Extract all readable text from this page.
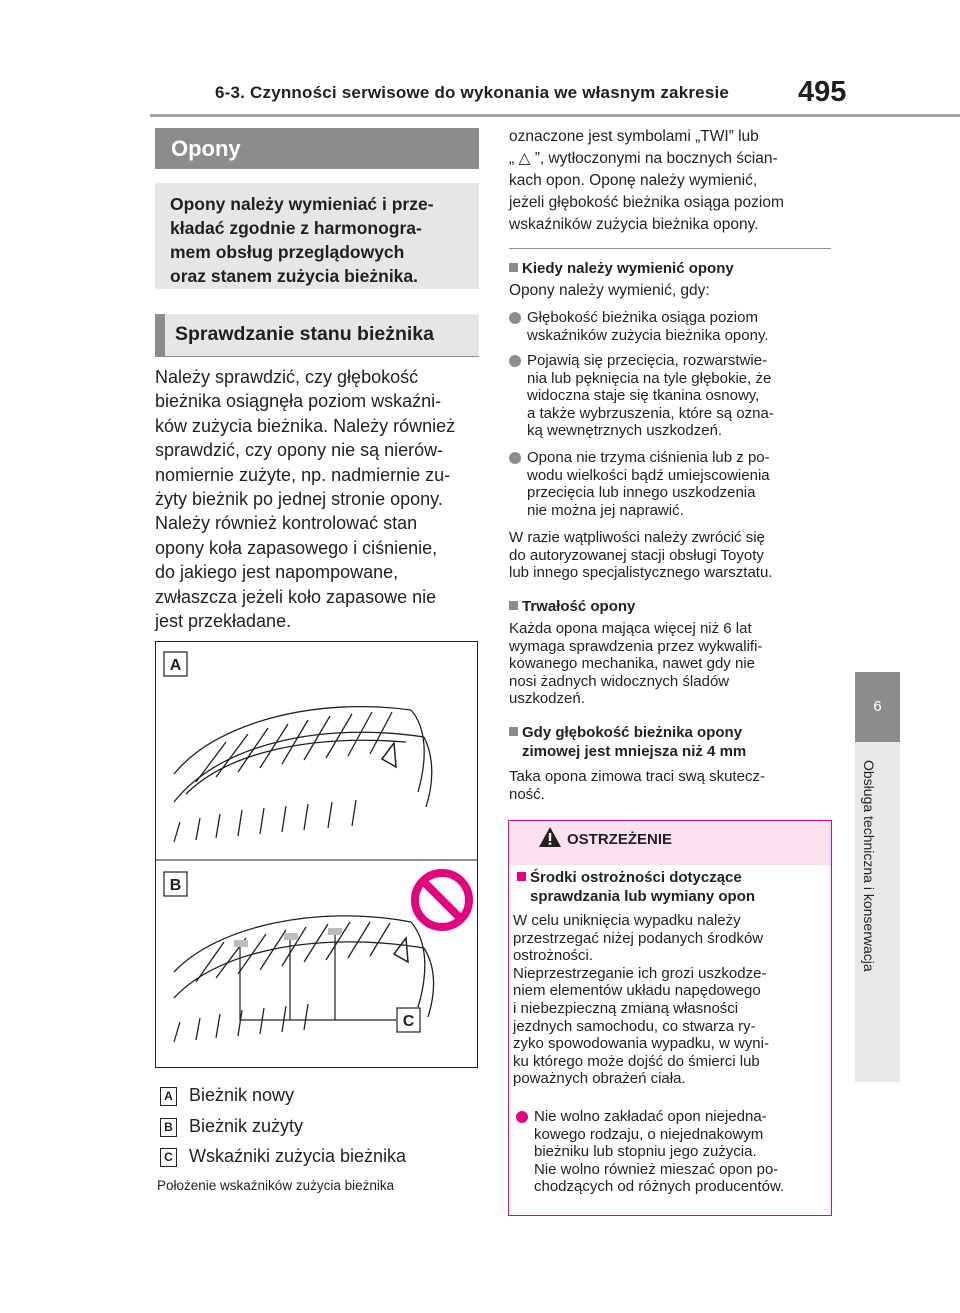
6-3. Czynności serwisowe do wykonania we własnym zakresie 495
6
Obsługa techniczna i konserwacja
Opony
Opony należy wymieniać i prze-
kładać zgodnie z harmonogra-
mem obsług przeglądowych
oraz stanem zużycia bieżnika.
Sprawdzanie stanu bieżnika
Należy sprawdzić, czy głębokość
bieżnika osiągnęła poziom wskaźni-
ków zużycia bieżnika. Należy również
sprawdzić, czy opony nie są nierów-
nomiernie zużyte, np. nadmiernie zu-
żyty bieżnik po jednej stronie opony.
Należy również kontrolować stan
opony koła zapasowego i ciśnienie,
do jakiego jest napompowane,
zwłaszcza jeżeli koło zapasowe nie
jest przekładane.
A
B
C
A Bieżnik nowy
B Bieżnik zużyty
C Wskaźniki zużycia bieżnika
Położenie wskaźników zużycia bieżnika
oznaczone jest symbolami „TWI” lub
„ △ ”, wytłoczonymi na bocznych ścian-
kach opon. Oponę należy wymienić,
jeżeli głębokość bieżnika osiąga poziom
wskaźników zużycia bieżnika opony.
Kiedy należy wymienić opony
Opony należy wymienić, gdy:
Głębokość bieżnika osiąga poziom
wskaźników zużycia bieżnika opony.
Pojawią się przecięcia, rozwarstwie-
nia lub pęknięcia na tyle głębokie, że
widoczna staje się tkanina osnowy,
a także wybrzuszenia, które są ozna-
ką wewnętrznych uszkodzeń.
Opona nie trzyma ciśnienia lub z po-
wodu wielkości bądź umiejscowienia
przecięcia lub innego uszkodzenia
nie można jej naprawić.
W razie wątpliwości należy zwrócić się
do autoryzowanej stacji obsługi Toyoty
lub innego specjalistycznego warsztatu.
Trwałość opony
Każda opona mająca więcej niż 6 lat
wymaga sprawdzenia przez wykwalifi-
kowanego mechanika, nawet gdy nie
nosi żadnych widocznych śladów
uszkodzeń.
Gdy głębokość bieżnika opony
zimowej jest mniejsza niż 4 mm
Taka opona zimowa traci swą skutecz-
ność.
OSTRZEŻENIE
Środki ostrożności dotyczące
sprawdzania lub wymiany opon
W celu uniknięcia wypadku należy
przestrzegać niżej podanych środków
ostrożności.
Nieprzestrzeganie ich grozi uszkodze-
niem elementów układu napędowego
i niebezpieczną zmianą własności
jezdnych samochodu, co stwarza ry-
zyko spowodowania wypadku, w wyni-
ku którego może dojść do śmierci lub
poważnych obrażeń ciała.
Nie wolno zakładać opon niejedna-
kowego rodzaju, o niejednakowym
bieżniku lub stopniu jego zużycia.
Nie wolno również mieszać opon po-
chodzących od różnych producentów.
